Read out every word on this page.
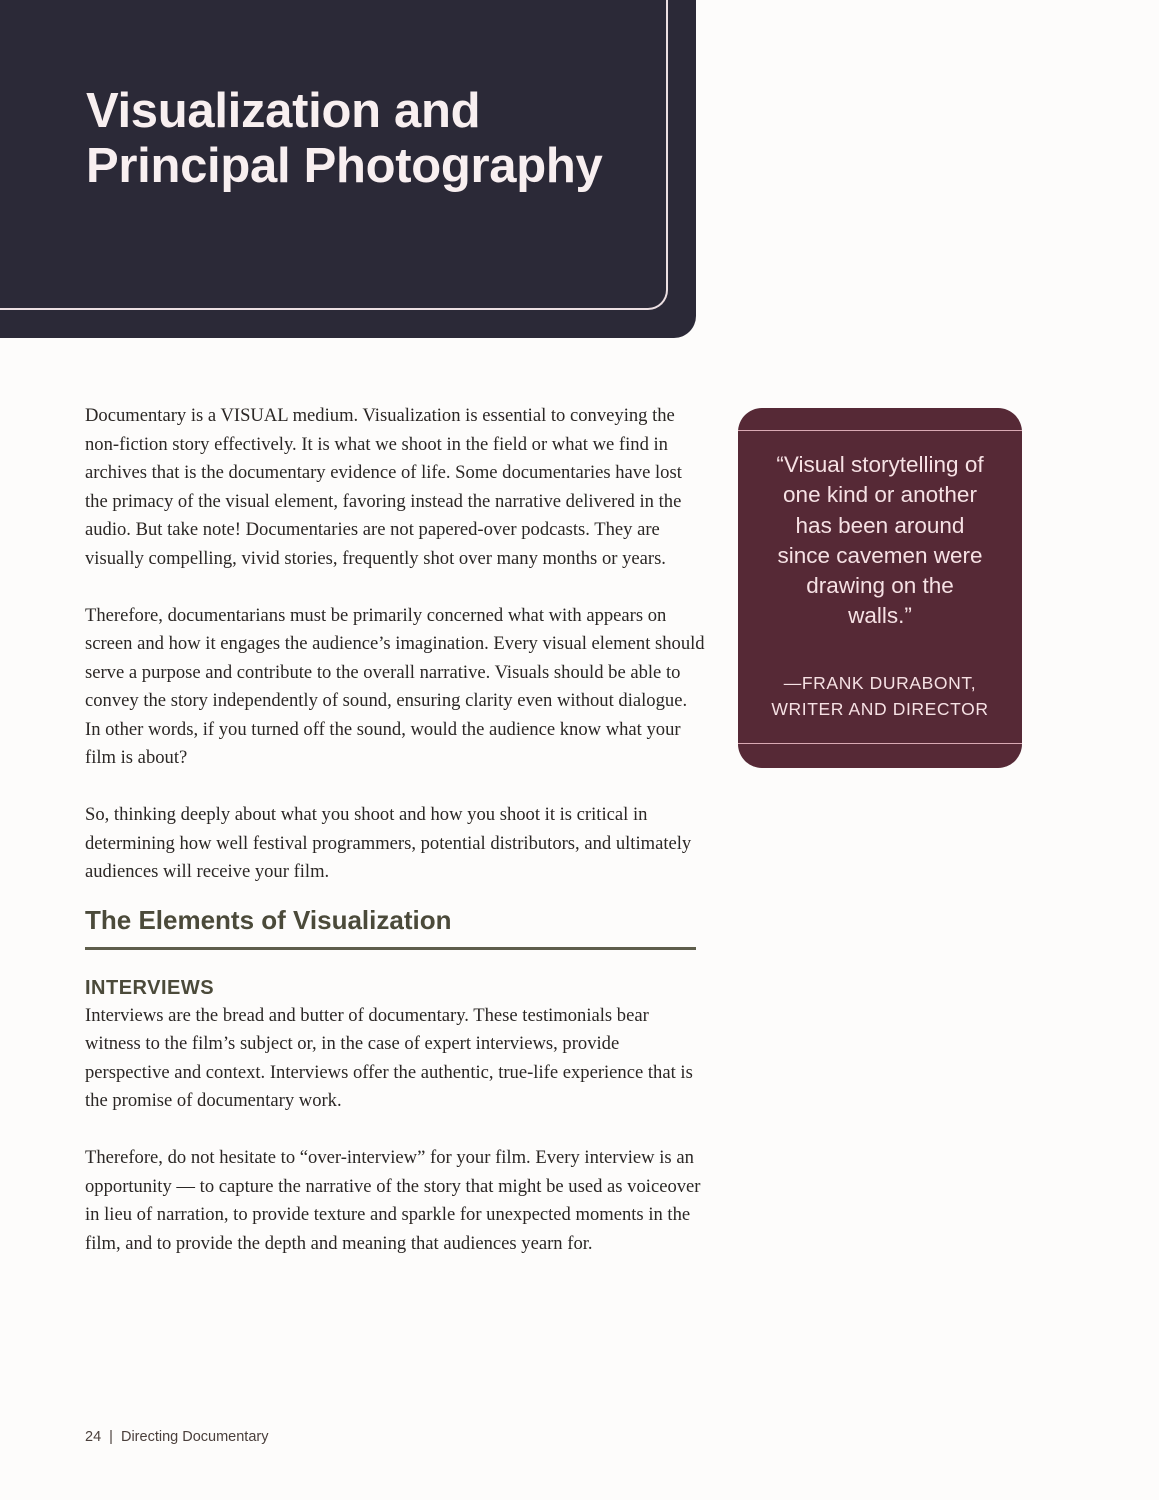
Visualization and
Principal Photography

Documentary is a VISUAL medium. Visualization is essential to conveying the non-fiction story effectively. It is what we shoot in the field or what we find in archives that is the documentary evidence of life. Some documentaries have lost the primacy of the visual element, favoring instead the narrative delivered in the audio. But take note! Documentaries are not papered-over podcasts. They are visually compelling, vivid stories, frequently shot over many months or years.

Therefore, documentarians must be primarily concerned what with appears on screen and how it engages the audience’s imagination. Every visual element should serve a purpose and contribute to the overall narrative. Visuals should be able to convey the story independently of sound, ensuring clarity even without dialogue. In other words, if you turned off the sound, would the audience know what your film is about?

So, thinking deeply about what you shoot and how you shoot it is critical in determining how well festival programmers, potential distributors, and ultimately audiences will receive your film.

The Elements of Visualization
INTERVIEWS

Interviews are the bread and butter of documentary. These testimonials bear witness to the film’s subject or, in the case of expert interviews, provide perspective and context. Interviews offer the authentic, true-life experience that is the promise of documentary work.

Therefore, do not hesitate to “over-interview” for your film. Every interview is an opportunity — to capture the narrative of the story that might be used as voiceover in lieu of narration, to provide texture and sparkle for unexpected moments in the film, and to provide the depth and meaning that audiences yearn for.

“Visual storytelling of one kind or another has been around since cavemen were drawing on the walls.”

—FRANK DURABONT,
WRITER AND DIRECTOR

24 | Directing Documentary
